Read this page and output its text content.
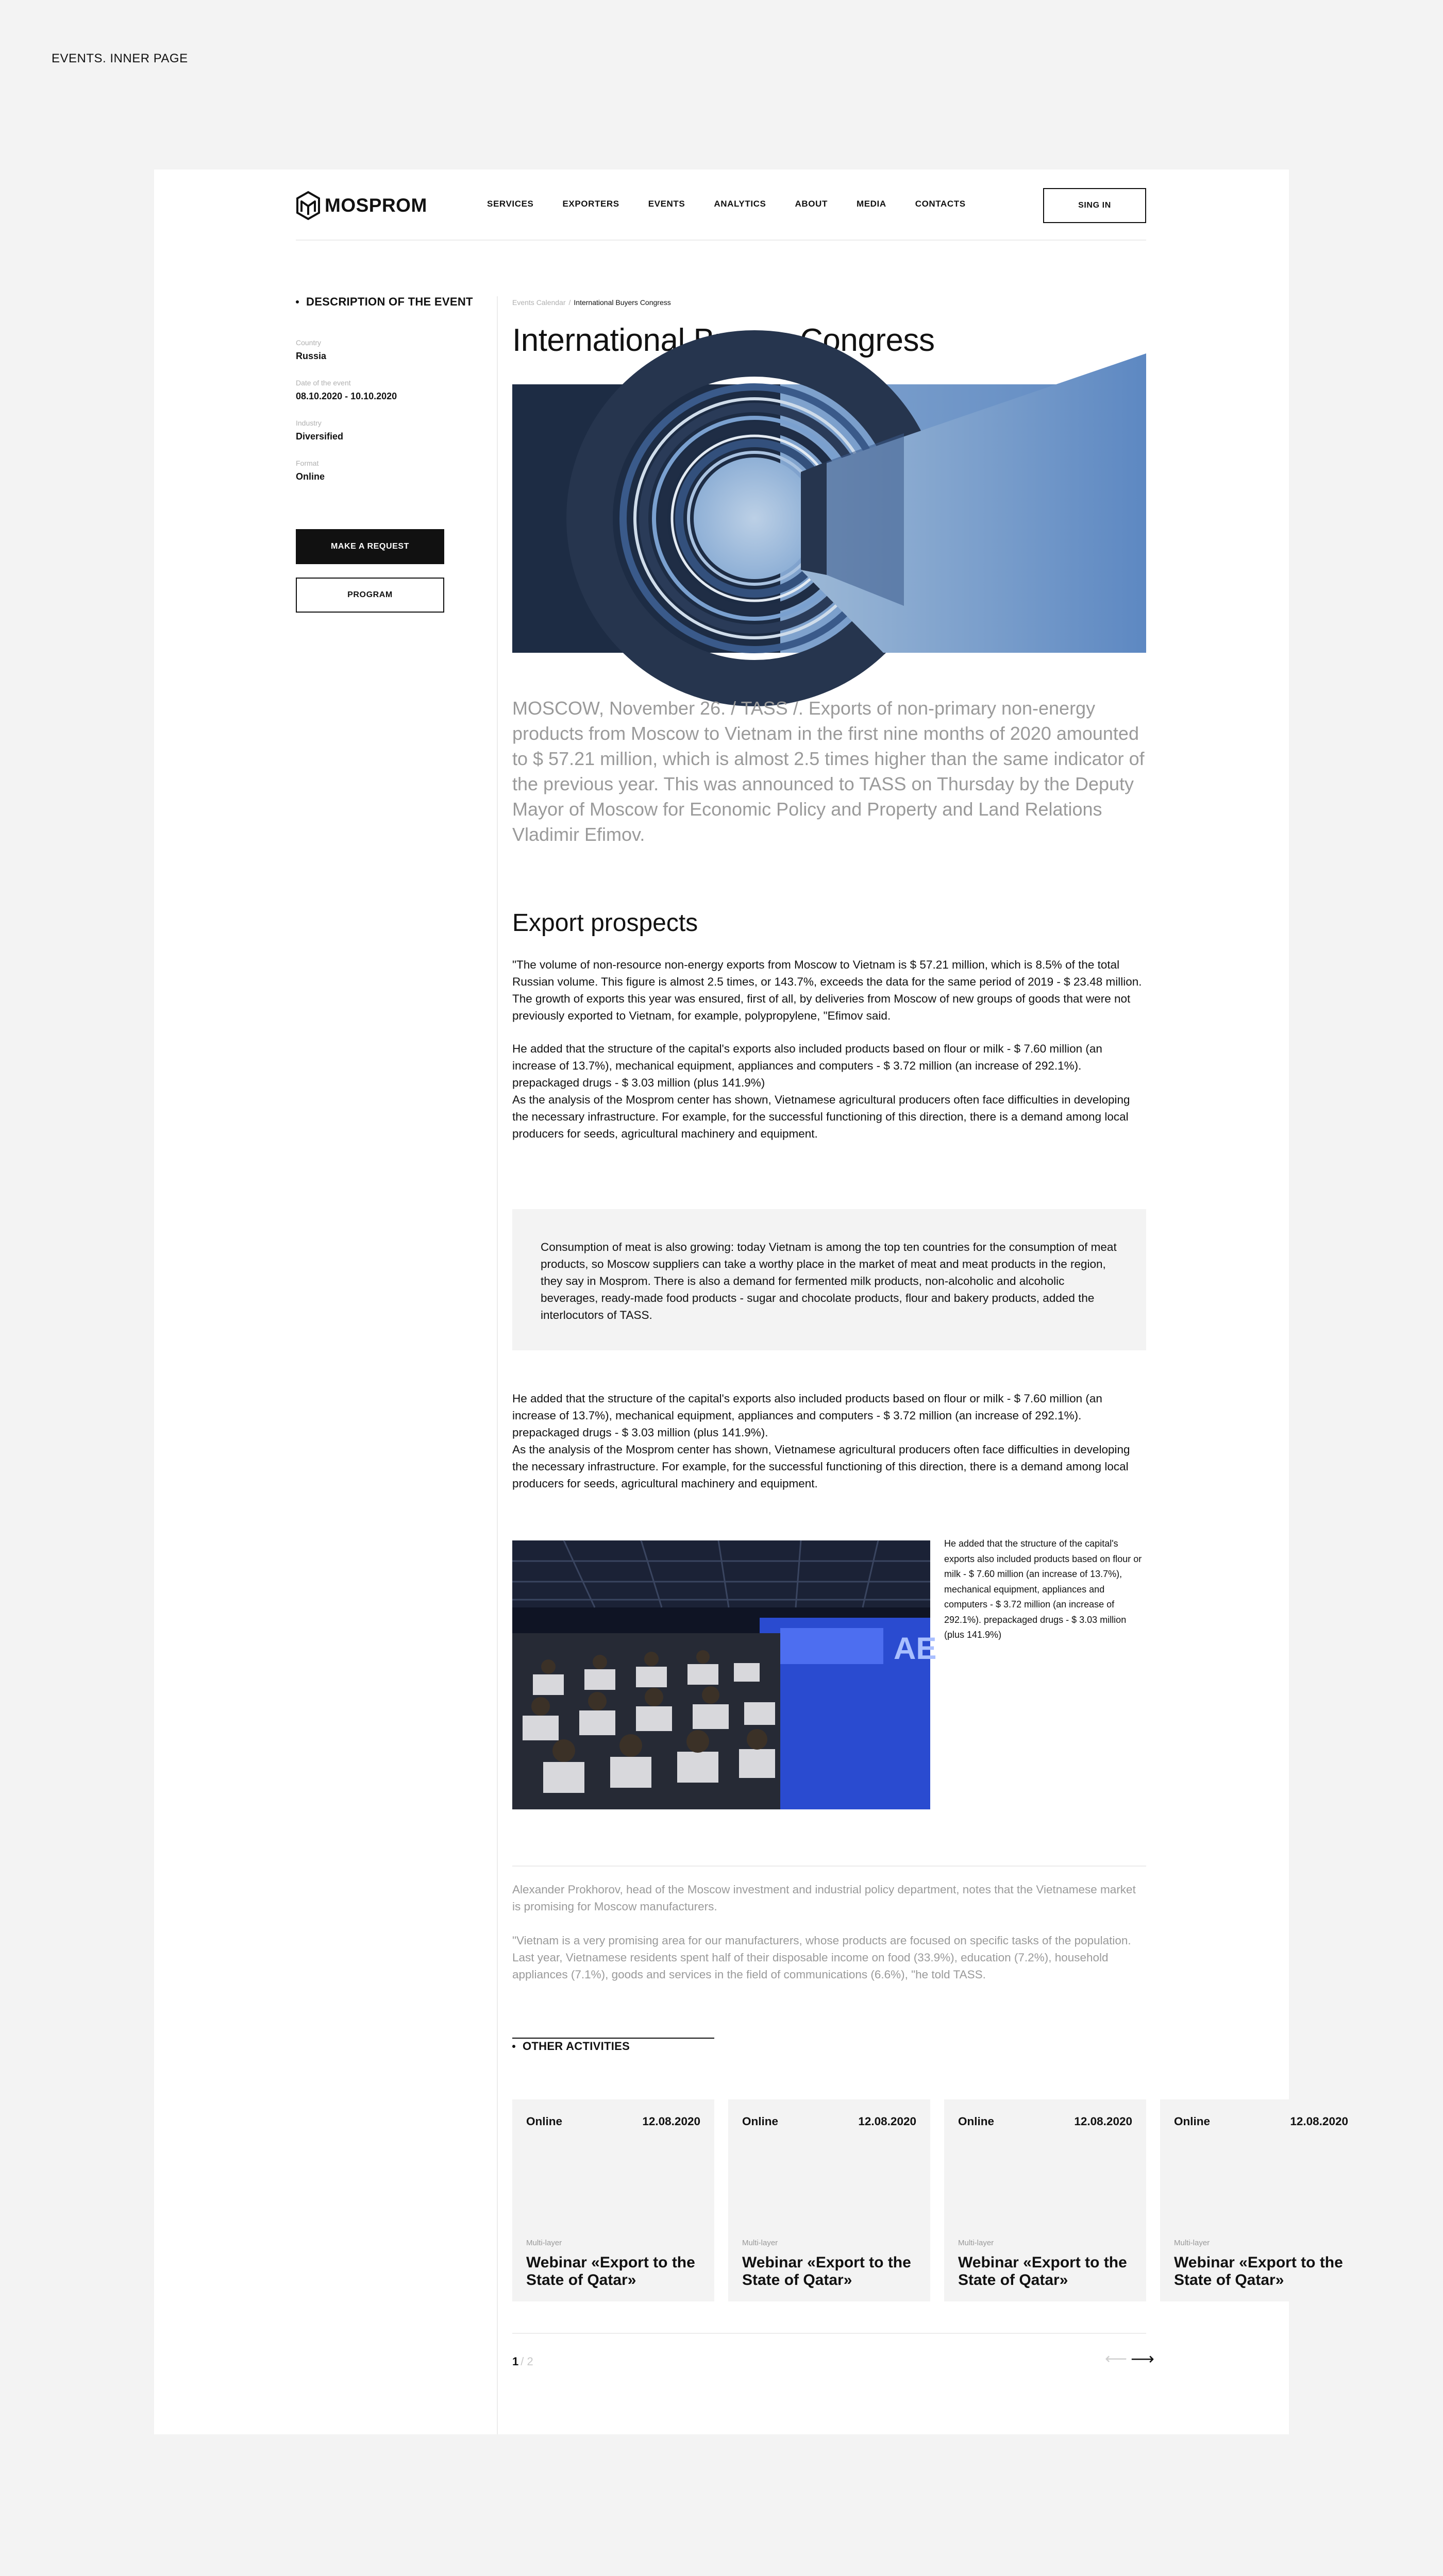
EVENTS. INNER PAGE
MOSPROM	SERVICES	EXPORTERS	EVENTS	ANALYTICS	ABOUT	MEDIA	CONTACTS	SING IN
DESCRIPTION OF THE EVENT
Country
Russia
Date of the event
08.10.2020 - 10.10.2020
Industry
Diversified
Format
Online
MAKE A REQUEST
PROGRAM
Events Calendar / International Buyers Congress
International Buyers Congress

MOSCOW, November 26. / TASS /. Exports of non-primary non-energy products from Moscow to Vietnam in the first nine months of 2020 amounted to $ 57.21 million, which is almost 2.5 times higher than the same indicator of the previous year. This was announced to TASS on Thursday by the Deputy Mayor of Moscow for Economic Policy and Property and Land Relations Vladimir Efimov.

Export prospects

"The volume of non-resource non-energy exports from Moscow to Vietnam is $ 57.21 million, which is 8.5% of the total Russian volume. This figure is almost 2.5 times, or 143.7%, exceeds the data for the same period of 2019 - $ 23.48 million. The growth of exports this year was ensured, first of all, by deliveries from Moscow of new groups of goods that were not previously exported to Vietnam, for example, polypropylene, "Efimov said.

He added that the structure of the capital's exports also included products based on flour or milk - $ 7.60 million (an increase of 13.7%), mechanical equipment, appliances and computers - $ 3.72 million (an increase of 292.1%). prepackaged drugs - $ 3.03 million (plus 141.9%)

As the analysis of the Mosprom center has shown, Vietnamese agricultural producers often face difficulties in developing the necessary infrastructure. For example, for the successful functioning of this direction, there is a demand among local producers for seeds, agricultural machinery and equipment.

Consumption of meat is also growing: today Vietnam is among the top ten countries for the consumption of meat products, so Moscow suppliers can take a worthy place in the market of meat and meat products in the region, they say in Mosprom. There is also a demand for fermented milk products, non-alcoholic and alcoholic beverages, ready-made food products - sugar and chocolate products, flour and bakery products, added the interlocutors of TASS.

He added that the structure of the capital's exports also included products based on flour or milk - $ 7.60 million (an increase of 13.7%), mechanical equipment, appliances and computers - $ 3.72 million (an increase of 292.1%). prepackaged drugs - $ 3.03 million (plus 141.9%).

As the analysis of the Mosprom center has shown, Vietnamese agricultural producers often face difficulties in developing the necessary infrastructure. For example, for the successful functioning of this direction, there is a demand among local producers for seeds, agricultural machinery and equipment.

AE

He added that the structure of the capital's exports also included products based on flour or milk - $ 7.60 million (an increase of 13.7%), mechanical equipment, appliances and computers - $ 3.72 million (an increase of 292.1%). prepackaged drugs - $ 3.03 million (plus 141.9%)

Alexander Prokhorov, head of the Moscow investment and industrial policy department, notes that the Vietnamese market is promising for Moscow manufacturers.

"Vietnam is a very promising area for our manufacturers, whose products are focused on specific tasks of the population. Last year, Vietnamese residents spent half of their disposable income on food (33.9%), education (7.2%), household appliances (7.1%), goods and services in the field of communications (6.6%), "he told TASS.

OTHER ACTIVITIES
Online	12.08.2020
Multi-layer
Webinar «Export to the State of Qatar»
Online	12.08.2020
Multi-layer
Webinar «Export to the State of Qatar»
Online	12.08.2020
Multi-layer
Webinar «Export to the State of Qatar»
Online	12.08.2020
Multi-layer
Webinar «Export to the State of Qatar»
1 / 2	⟵ ⟶
